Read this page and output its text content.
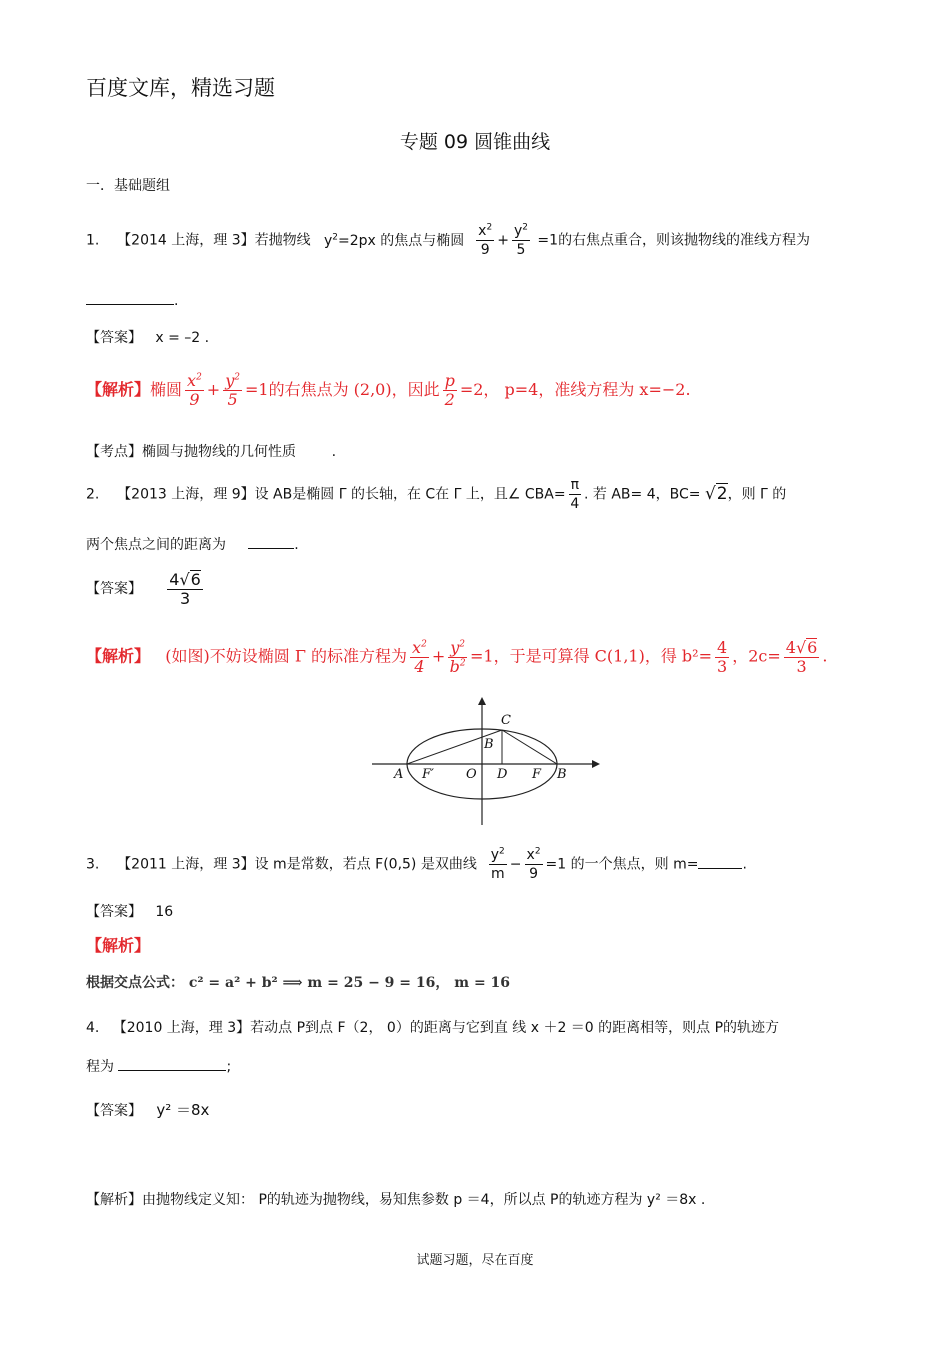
百度文库，精选习题
专题 09 圆锥曲线
一．基础题组
1. 【2014 上海，理 3】若抛物线 $y^2=2px$ 的焦点与椭圆 $\frac{x^2}{9} + \frac{y^2}{5} =1$的右焦点重合，则该抛物线的准线方程为
.
【答案】 x = –2 .
【解析】椭圆 $\frac{x^2}{9} + \frac{y^2}{5} =1$的右焦点为 (2,0)，因此 $\frac{p}{2} =2$， p=4，准线方程为 x=−2.
【考点】椭圆与抛物线的几何性质        .
2. 【2013 上海，理 9】设 AB是椭圆 Γ 的长轴，在 C在 Γ 上，且∠ $CBA= \frac{\pi}{4}$ . 若 AB= 4，BC= √2，则 Γ 的
两个焦点之间的距离为	.
【答案】 $\frac{4√6}{3}$
【解析】 (如图)不妨设椭圆 Γ 的标准方程为 $\frac{x^2}{4} + \frac{y^2}{b^2} =1$，于是可算得 C(1,1)，得 $b^2= \frac{4}{3}$ ，$2c= \frac{4√6}{3}$ .
C
B
A F′ O D F B
3. 【2011 上海，理 3】设 m是常数，若点 F(0,5) 是双曲线 $\frac{y^2}{m} - \frac{x^2}{9} =1$ 的一个焦点，则 m=	.
【答案】 16
【解析】
根据交点公式： c² = a² + b² ⟹ m = 25 − 9 = 16， m = 16
4. 【2010 上海，理 3】若动点 P到点 F（2， 0）的距离与它到直 线 x ＋2 ＝0 的距离相等，则点 P的轨迹方
程为	;
【答案】 y² ＝8x
【解析】由抛物线定义知： P的轨迹为抛物线，易知焦参数 p ＝4，所以点 P的轨迹方程为 y² ＝8x .
试题习题，尽在百度
